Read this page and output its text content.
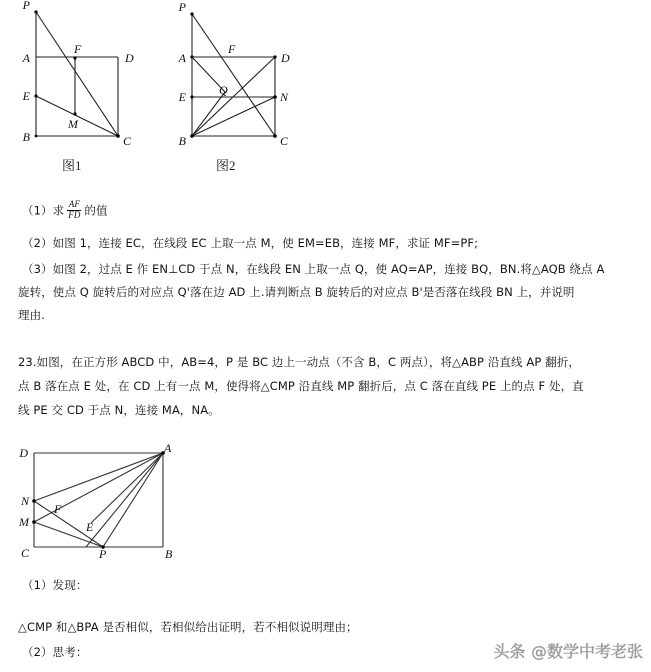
P
A	D
F
E
M
B	C
图1
P
A	D
F
E	Q	N
B	C
图2
（1）求 $\frac{AF}{FD}$ 的值
（2）如图 1，连接 EC，在线段 EC 上取一点 M，使 EM=EB，连接 MF，求证 MF=PF;
（3）如图 2，过点 E 作 EN⊥CD 于点 N，在线段 EN 上取一点 Q，使 AQ=AP，连接 BQ，BN.将△AQB 绕点 A
旋转，使点 Q 旋转后的对应点 Q'落在边 AD 上.请判断点 B 旋转后的对应点 B'是否落在线段 BN 上，并说明
理由.
23.如图，在正方形 ABCD 中，AB=4，P 是 BC 边上一动点（不含 B，C 两点），将△ABP 沿直线 AP 翻折，
点 B 落在点 E 处，在 CD 上有一点 M，使得将△CMP 沿直线 MP 翻折后，点 C 落在直线 PE 上的点 F 处，直
线 PE 交 CD 于点 N，连接 MA，NA。
D	A
N
F
M	E
C	P	B
（1）发现：
△CMP 和△BPA 是否相似，若相似给出证明，若不相似说明理由；
（2）思考：	头条 @数学中考老张
